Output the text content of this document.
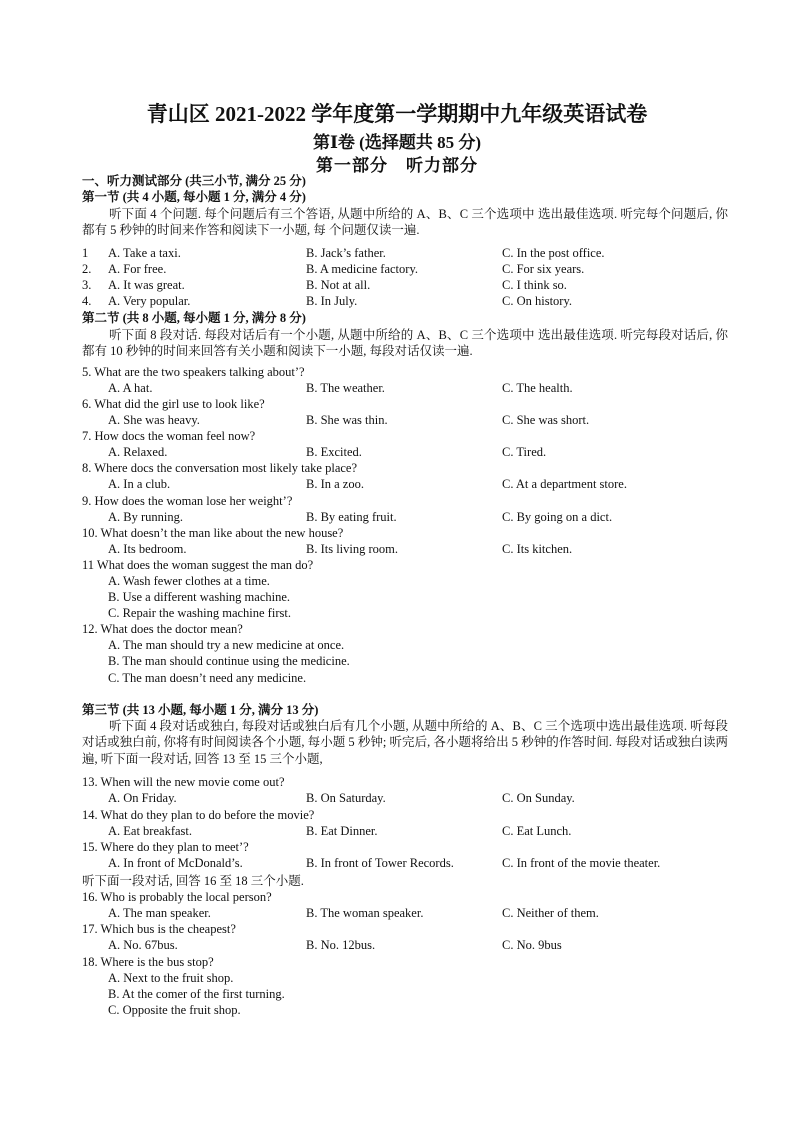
青山区 2021-2022 学年度第一学期期中九年级英语试卷
第Ⅰ卷 (选择题共 85 分)
第一部分　听力部分
一、听力测试部分 (共三小节, 满分 25 分)
第一节 (共 4 小题, 每小题 1 分, 满分 4 分)
听下面 4 个问题. 每个问题后有三个答语, 从题中所给的 A、B、C 三个选项中 选出最佳选项. 听完每个问题后, 你都有 5 秒钟的时间来作答和阅读下一小题, 每 个问题仅读一遍.
1 A. Take a taxi.	B. Jack’s father.	C. In the post office.
2. A. For free.	B. A medicine factory.	C. For six years.
3. A. It was great.	B. Not at all.	C. I think so.
4. A. Very popular.	B. In July.	C. On history.
第二节 (共 8 小题, 每小题 1 分, 满分 8 分)
听下面 8 段对话. 每段对话后有一个小题, 从题中所给的 A、B、C 三个选项中 选出最佳选项. 听完每段对话后, 你都有 10 秒钟的时间来回答有关小题和阅读下一小题, 每段对话仅读一遍.
5. What are the two speakers talking about’?
A. A hat.	B. The weather.	C. The health.
6. What did the girl use to look like?
A. She was heavy.	B. She was thin.	C. She was short.
7. How docs the woman feel now?
A. Relaxed.	B. Excited.	C. Tired.
8. Where docs the conversation most likely take place?
A. In a club.	B. In a zoo.	C. At a department store.
9. How does the woman lose her weight’?
A. By running.	B. By eating fruit.	C. By going on a dict.
10. What doesn’t the man like about the new house?
A. Its bedroom.	B. Its living room.	C. Its kitchen.
11 What does the woman suggest the man do?
A. Wash fewer clothes at a time.
B. Use a different washing machine.
C. Repair the washing machine first.
12. What does the doctor mean?
A. The man should try a new medicine at once.
B. The man should continue using the medicine.
C. The man doesn’t need any medicine.
第三节 (共 13 小题, 每小题 1 分, 满分 13 分)
听下面 4 段对话或独白, 每段对话或独白后有几个小题, 从题中所给的 A、B、C 三个选项中选出最佳选项. 听每段对话或独白前, 你将有时间阅读各个小题, 每小题 5 秒钟; 听完后, 各小题将给出 5 秒钟的作答时间. 每段对话或独白读两遍, 听下面一段对话, 回答 13 至 15 三个小题,
13. When will the new movie come out?
A. On Friday.	B. On Saturday.	C. On Sunday.
14. What do they plan to do before the movie?
A. Eat breakfast.	B. Eat Dinner.	C. Eat Lunch.
15. Where do they plan to meet’?
A. In front of McDonald’s.	B. In front of Tower Records.	C. In front of the movie theater.
听下面一段对话, 回答 16 至 18 三个小题.
16. Who is probably the local person?
A. The man speaker.	B. The woman speaker.	C. Neither of them.
17. Which bus is the cheapest?
A. No. 67bus.	B. No. 12bus.	C. No. 9bus
18. Where is the bus stop?
A. Next to the fruit shop.
B. At the comer of the first turning.
C. Opposite the fruit shop.
